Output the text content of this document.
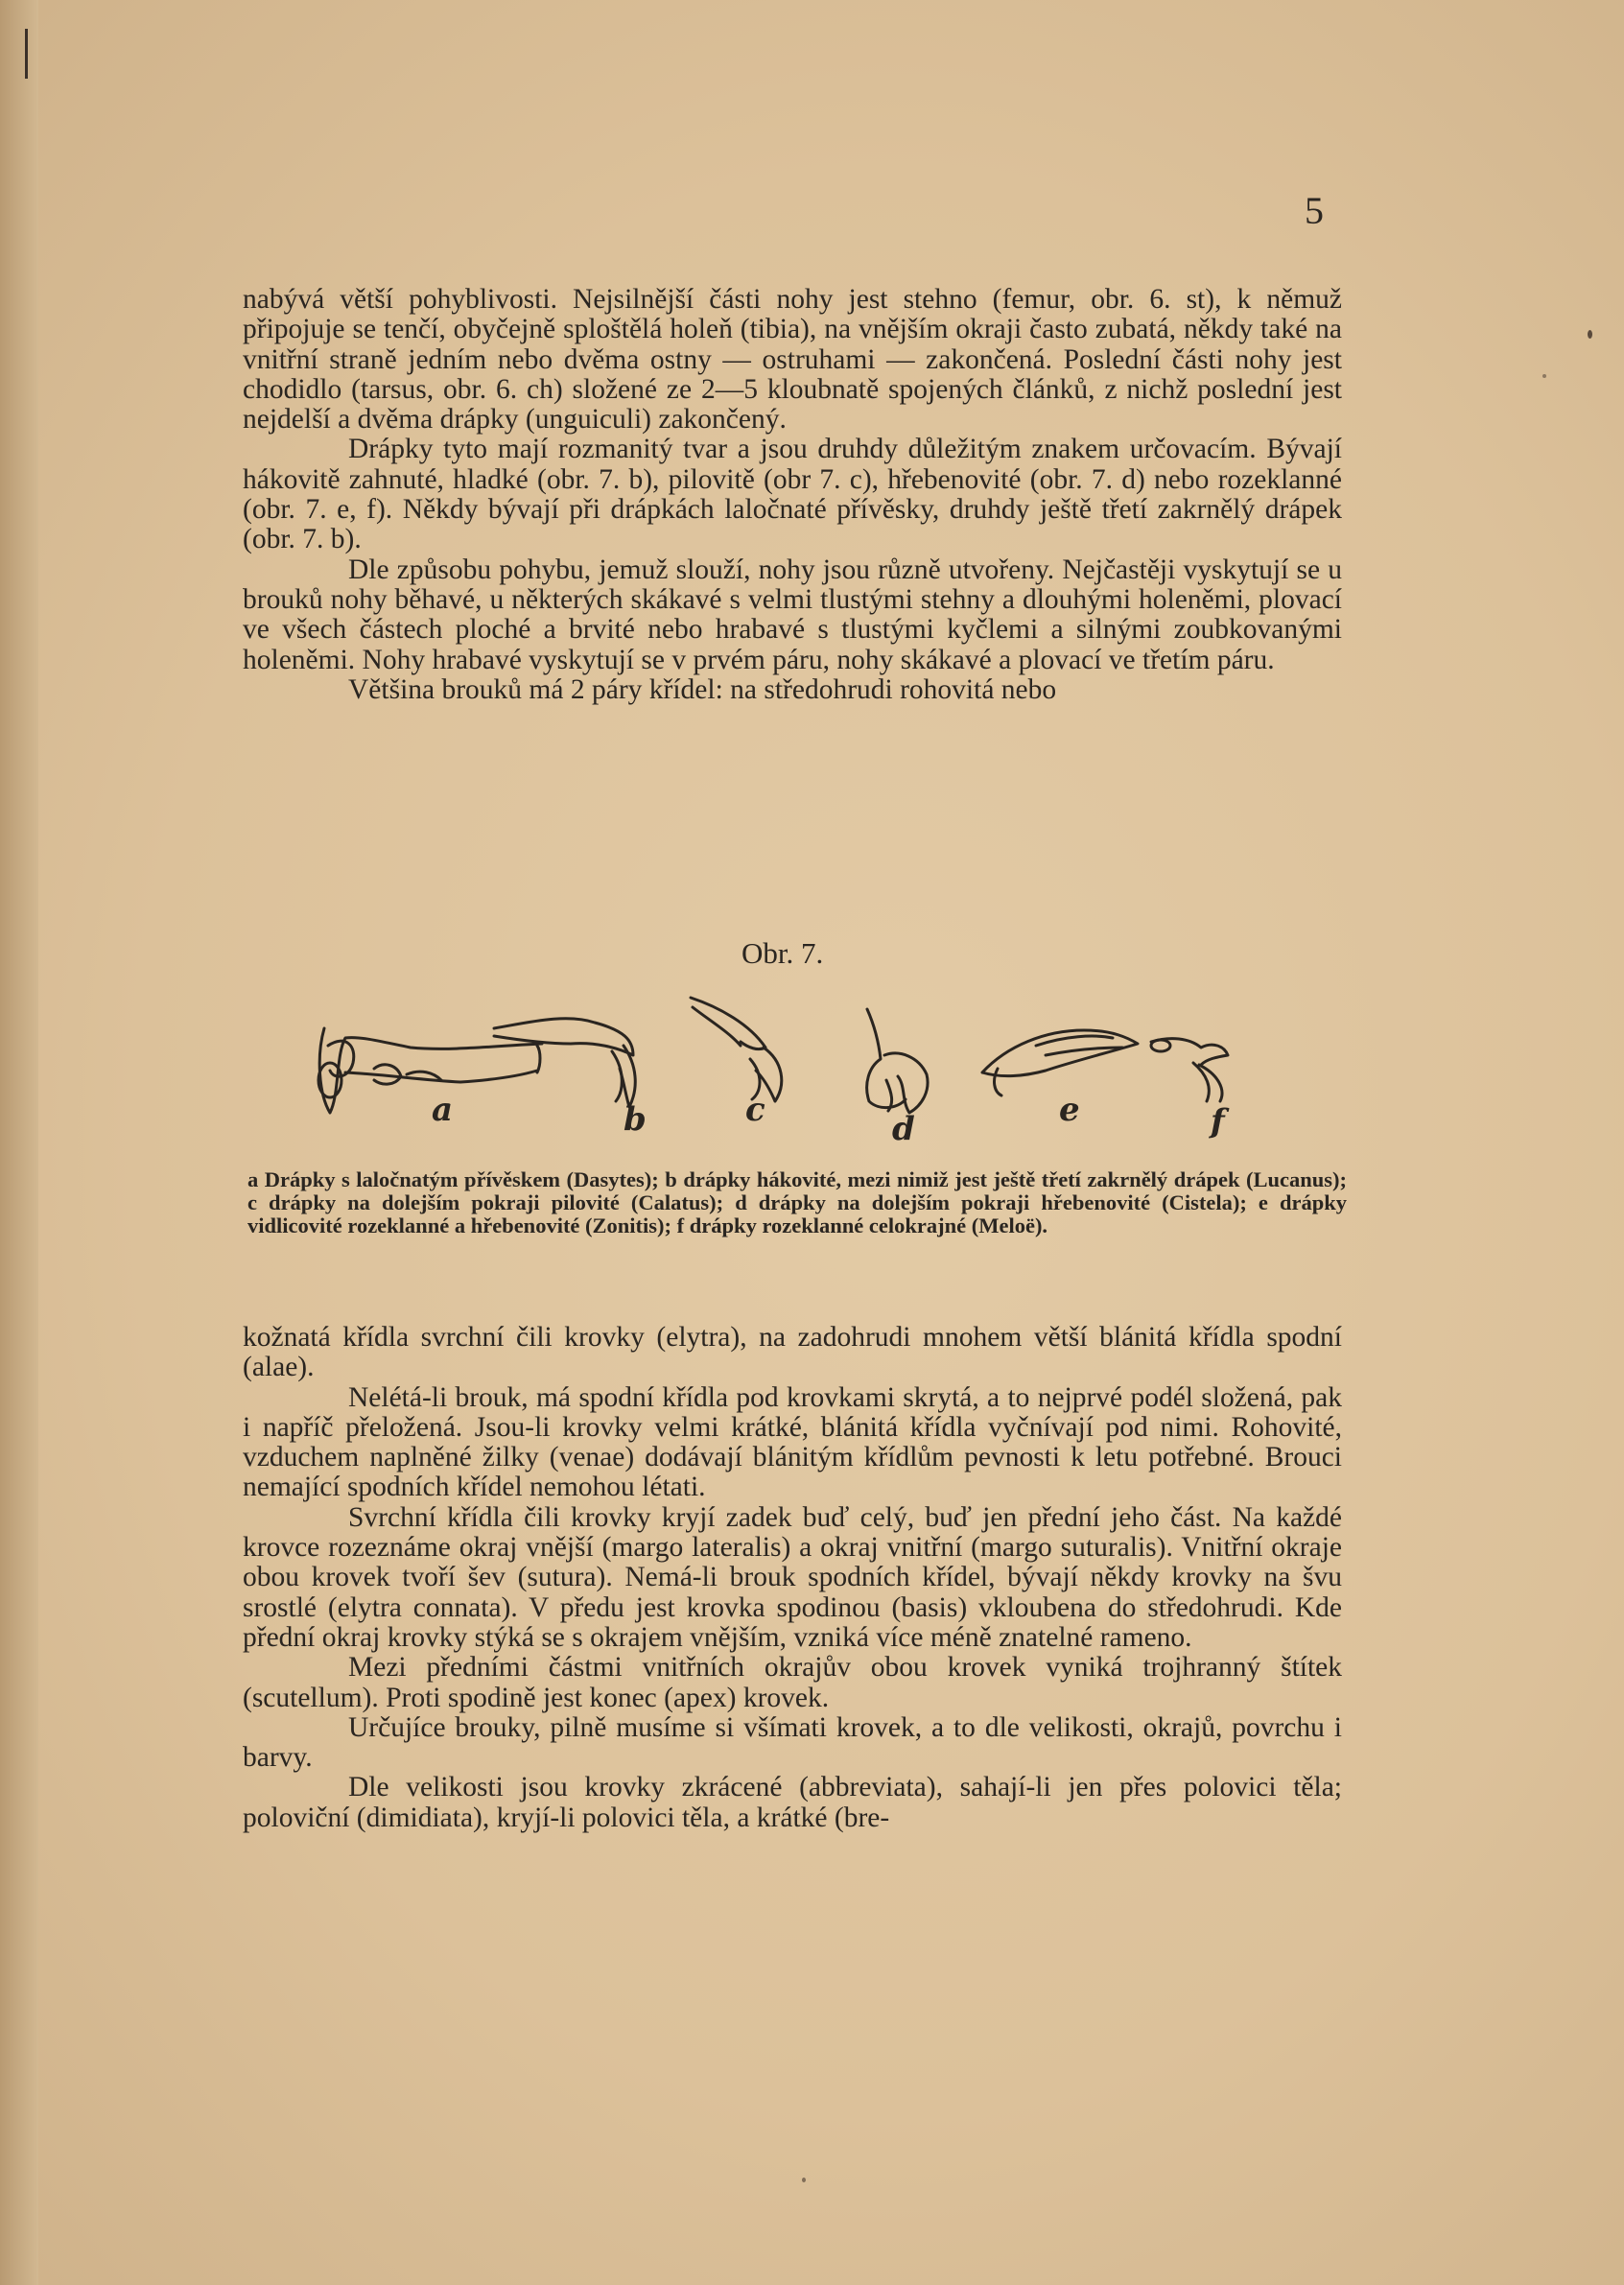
5

nabývá větší pohyblivosti. Nejsilnější části nohy jest stehno (femur, obr. 6. st), k němuž připojuje se tenčí, obyčejně sploštělá holeň (tibia), na vnějším okraji často zubatá, někdy také na vnitřní straně jedním nebo dvěma ostny — ostruhami — zakončená. Poslední části nohy jest chodidlo (tarsus, obr. 6. ch) složené ze 2—5 kloubnatě spojených článků, z nichž poslední jest nejdelší a dvěma drápky (unguiculi) zakončený.

Drápky tyto mají rozmanitý tvar a jsou druhdy důležitým znakem určovacím. Bývají hákovitě zahnuté, hladké (obr. 7. b), pilovitě (obr 7. c), hřebenovité (obr. 7. d) nebo rozeklanné (obr. 7. e, f). Někdy bývají při drápkách laločnaté přívěsky, druhdy ještě třetí zakrnělý drápek (obr. 7. b).

Dle způsobu pohybu, jemuž slouží, nohy jsou různě utvořeny. Nejčastěji vyskytují se u brouků nohy běhavé, u některých skákavé s velmi tlustými stehny a dlouhými holeněmi, plovací ve všech částech ploché a brvité nebo hrabavé s tlustými kyčlemi a silnými zoubkovanými holeněmi. Nohy hrabavé vyskytují se v prvém páru, nohy skákavé a plovací ve třetím páru.

Většina brouků má 2 páry křídel: na středohrudi rohovitá nebo

Obr. 7.
a	b	c	d	e	f
a Drápky s laločnatým přívěskem (Dasytes); b drápky hákovité, mezi nimiž jest ještě třetí zakrnělý drápek (Lucanus); c drápky na dolejším pokraji pilovité (Calatus); d drápky na dolejším pokraji hřebenovité (Cistela); e drápky vidlicovité rozeklanné a hřebenovité (Zonitis); f drápky rozeklanné celokrajné (Meloë).

kožnatá křídla svrchní čili krovky (elytra), na zadohrudi mnohem větší blánitá křídla spodní (alae).

Nelétá-li brouk, má spodní křídla pod krovkami skrytá, a to nejprvé podél složená, pak i napříč přeložená. Jsou-li krovky velmi krátké, blánitá křídla vyčnívají pod nimi. Rohovité, vzduchem naplněné žilky (venae) dodávají blánitým křídlům pevnosti k letu potřebné. Brouci nemající spodních křídel nemohou létati.

Svrchní křídla čili krovky kryjí zadek buď celý, buď jen přední jeho část. Na každé krovce rozeznáme okraj vnější (margo lateralis) a okraj vnitřní (margo suturalis). Vnitřní okraje obou krovek tvoří šev (sutura). Nemá-li brouk spodních křídel, bývají někdy krovky na švu srostlé (elytra connata). V předu jest krovka spodinou (basis) vkloubena do středohrudi. Kde přední okraj krovky stýká se s okrajem vnějším, vzniká více méně znatelné rameno.

Mezi předními částmi vnitřních okrajův obou krovek vyniká trojhranný štítek (scutellum). Proti spodině jest konec (apex) krovek.

Určujíce brouky, pilně musíme si všímati krovek, a to dle velikosti, okrajů, povrchu i barvy.

Dle velikosti jsou krovky zkrácené (abbreviata), sahají-li jen přes polovici těla; poloviční (dimidiata), kryjí-li polovici těla, a krátké (bre-
